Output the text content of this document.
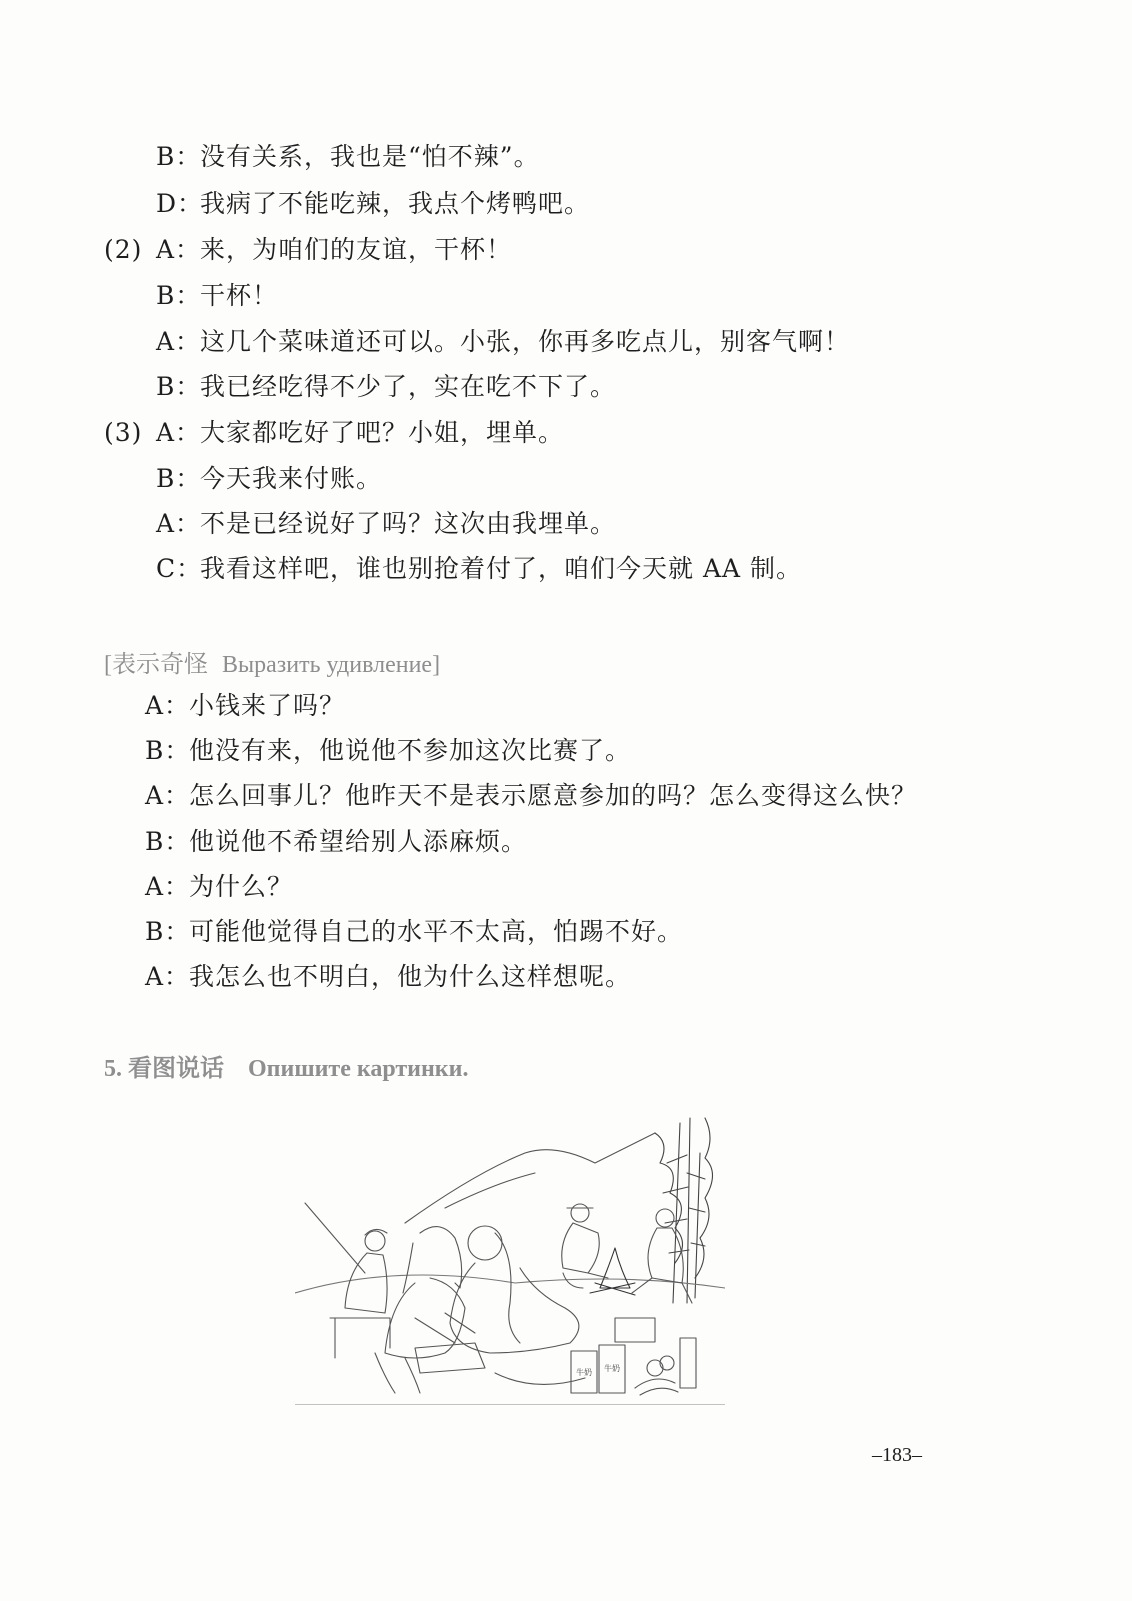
B：
没有关系，我也是“怕不辣”。
D：
我病了不能吃辣，我点个烤鸭吧。
(2) A：
来，为咱们的友谊，干杯！
B：
干杯！
A：
这几个菜味道还可以。小张，你再多吃点儿，别客气啊！
B：
我已经吃得不少了，实在吃不下了。
(3) A：
大家都吃好了吧？小姐，埋单。
B：
今天我来付账。
A：
不是已经说好了吗？这次由我埋单。
C：
我看这样吧，谁也别抢着付了，咱们今天就 AA 制。
[表示奇怪 Выразить удивление]
A：
小钱来了吗？
B：
他没有来，他说他不参加这次比赛了。
A：
怎么回事儿？他昨天不是表示愿意参加的吗？怎么变得这么快？
B：
他说他不希望给别人添麻烦。
A：
为什么？
B：
可能他觉得自己的水平不太高，怕踢不好。
A：
我怎么也不明白，他为什么这样想呢。
5. 看图说话 Опишите картинки.
牛奶 牛奶
–183–
